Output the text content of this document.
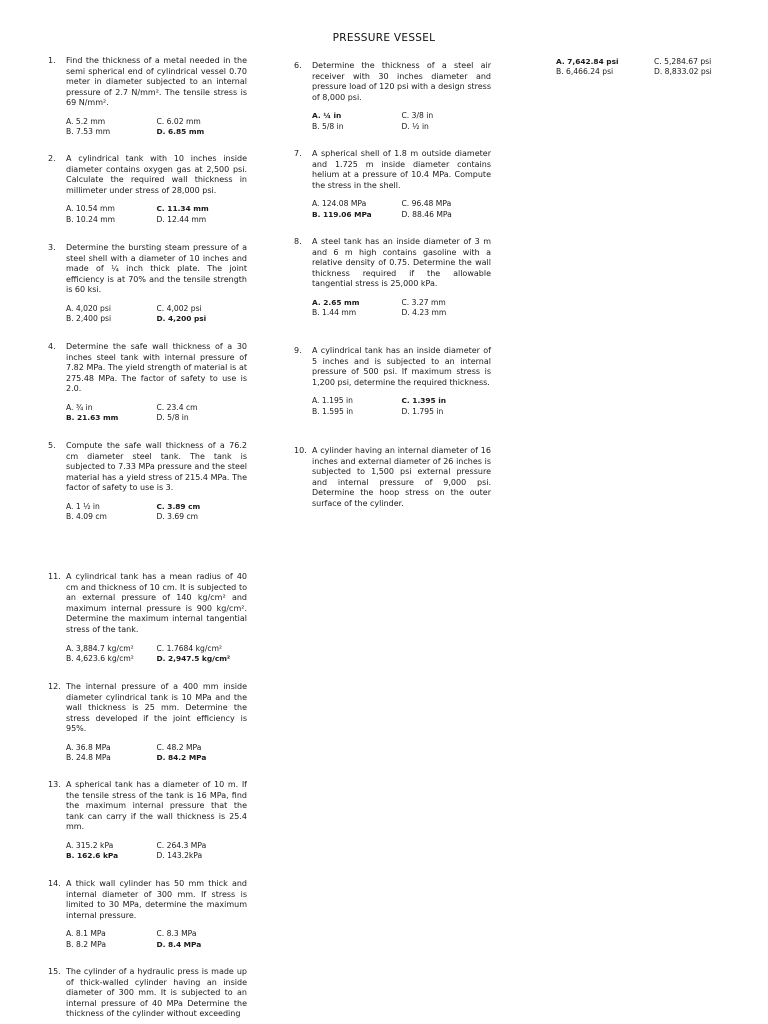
PRESSURE VESSEL
1. Find the thickness of a metal needed in the semi spherical end of cylindrical vessel 0.70 meter in diameter subjected to an internal pressure of 2.7 N/mm². The tensile stress is 69 N/mm².
A. 5.2 mm	C. 6.02 mm
B. 7.53 mm	D. 6.85 mm
2. A cylindrical tank with 10 inches inside diameter contains oxygen gas at 2,500 psi. Calculate the required wall thickness in millimeter under stress of 28,000 psi.
A. 10.54 mm	C. 11.34 mm
B. 10.24 mm	D. 12.44 mm
3. Determine the bursting steam pressure of a steel shell with a diameter of 10 inches and made of ¼ inch thick plate. The joint efficiency is at 70% and the tensile strength is 60 ksi.
A. 4,020 psi	C. 4,002 psi
B. 2,400 psi	D. 4,200 psi
4. Determine the safe wall thickness of a 30 inches steel tank with internal pressure of 7.82 MPa. The yield strength of material is at 275.48 MPa. The factor of safety to use is 2.0.
A. ¾ in	C. 23.4 cm
B. 21.63 mm	D. 5/8 in
5. Compute the safe wall thickness of a 76.2 cm diameter steel tank. The tank is subjected to 7.33 MPa pressure and the steel material has a yield stress of 215.4 MPa. The factor of safety to use is 3.
A. 1 ½ in	C. 3.89 cm
B. 4.09 cm	D. 3.69 cm
6. Determine the thickness of a steel air receiver with 30 inches diameter and pressure load of 120 psi with a design stress of 8,000 psi.
A. ¼ in	C. 3/8 in
B. 5/8 in	D. ½ in
7. A spherical shell of 1.8 m outside diameter and 1.725 m inside diameter contains helium at a pressure of 10.4 MPa. Compute the stress in the shell.
A. 124.08 MPa	C. 96.48 MPa
B. 119.06 MPa	D. 88.46 MPa
8. A steel tank has an inside diameter of 3 m and 6 m high contains gasoline with a relative density of 0.75. Determine the wall thickness required if the allowable tangential stress is 25,000 kPa.
A. 2.65 mm	C. 3.27 mm
B. 1.44 mm	D. 4.23 mm
9. A cylindrical tank has an inside diameter of 5 inches and is subjected to an internal pressure of 500 psi. If maximum stress is 1,200 psi, determine the required thickness.
A. 1.195 in	C. 1.395 in
B. 1.595 in	D. 1.795 in
10. A cylinder having an internal diameter of 16 inches and external diameter of 26 inches is subjected to 1,500 psi external pressure and internal pressure of 9,000 psi. Determine the hoop stress on the outer surface of the cylinder.
A. 7,642.84 psi	C. 5,284.67 psi
B. 6,466.24 psi	D. 8,833.02 psi
11. A cylindrical tank has a mean radius of 40 cm and thickness of 10 cm. It is subjected to an external pressure of 140 kg/cm² and maximum internal pressure is 900 kg/cm². Determine the maximum internal tangential stress of the tank.
A. 3,884.7 kg/cm²	C. 1.7684 kg/cm²
B. 4,623.6 kg/cm²	D. 2,947.5 kg/cm²
12. The internal pressure of a 400 mm inside diameter cylindrical tank is 10 MPa and the wall thickness is 25 mm. Determine the stress developed if the joint efficiency is 95%.
A. 36.8 MPa	C. 48.2 MPa
B. 24.8 MPa	D. 84.2 MPa
13. A spherical tank has a diameter of 10 m. If the tensile stress of the tank is 16 MPa, find the maximum internal pressure that the tank can carry if the wall thickness is 25.4 mm.
A. 315.2 kPa	C. 264.3 MPa
B. 162.6 kPa	D. 143.2kPa
14. A thick wall cylinder has 50 mm thick and internal diameter of 300 mm. If stress is limited to 30 MPa, determine the maximum internal pressure.
A. 8.1 MPa	C. 8.3 MPa
B. 8.2 MPa	D. 8.4 MPa
15. The cylinder of a hydraulic press is made up of thick-walled cylinder having an inside diameter of 300 mm. It is subjected to an internal pressure of 40 MPa Determine the thickness of the cylinder without exceeding
